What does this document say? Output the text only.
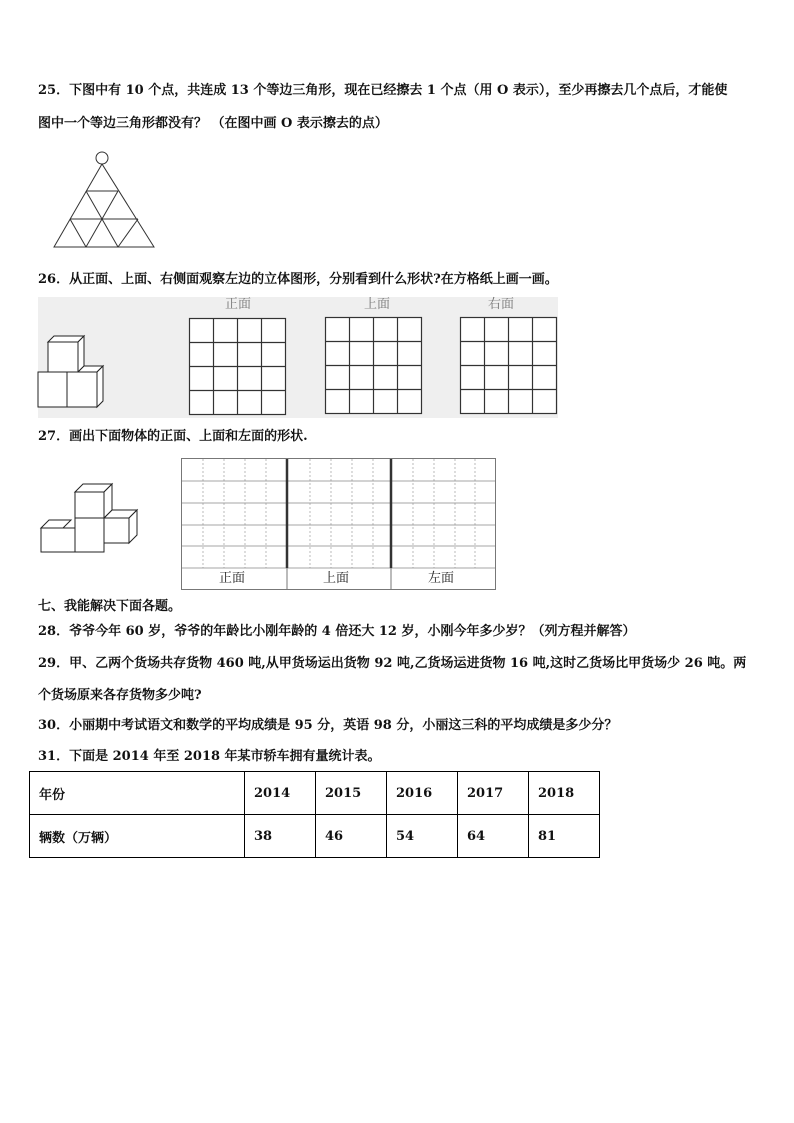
25．下图中有 10 个点，共连成 13 个等边三角形，现在已经擦去 1 个点（用 O 表示），至少再擦去几个点后，才能使
图中一个等边三角形都没有？ （在图中画 O 表示擦去的点）
26．从正面、上面、右侧面观察左边的立体图形，分别看到什么形状?在方格纸上画一画。
正面	上面	右面
27．画出下面物体的正面、上面和左面的形状.
正面	上面	左面
七、我能解决下面各题。
28．爷爷今年 60 岁，爷爷的年龄比小刚年龄的 4 倍还大 12 岁，小刚今年多少岁？（列方程并解答）
29．甲、乙两个货场共存货物 460 吨,从甲货场运出货物 92 吨,乙货场运进货物 16 吨,这时乙货场比甲货场少 26 吨。两
个货场原来各存货物多少吨?
30．小丽期中考试语文和数学的平均成绩是 95 分，英语 98 分，小丽这三科的平均成绩是多少分？
31．下面是 2014 年至 2018 年某市轿车拥有量统计表。
年份	2014	2015	2016	2017	2018
辆数（万辆）	38	46	54	64	81
